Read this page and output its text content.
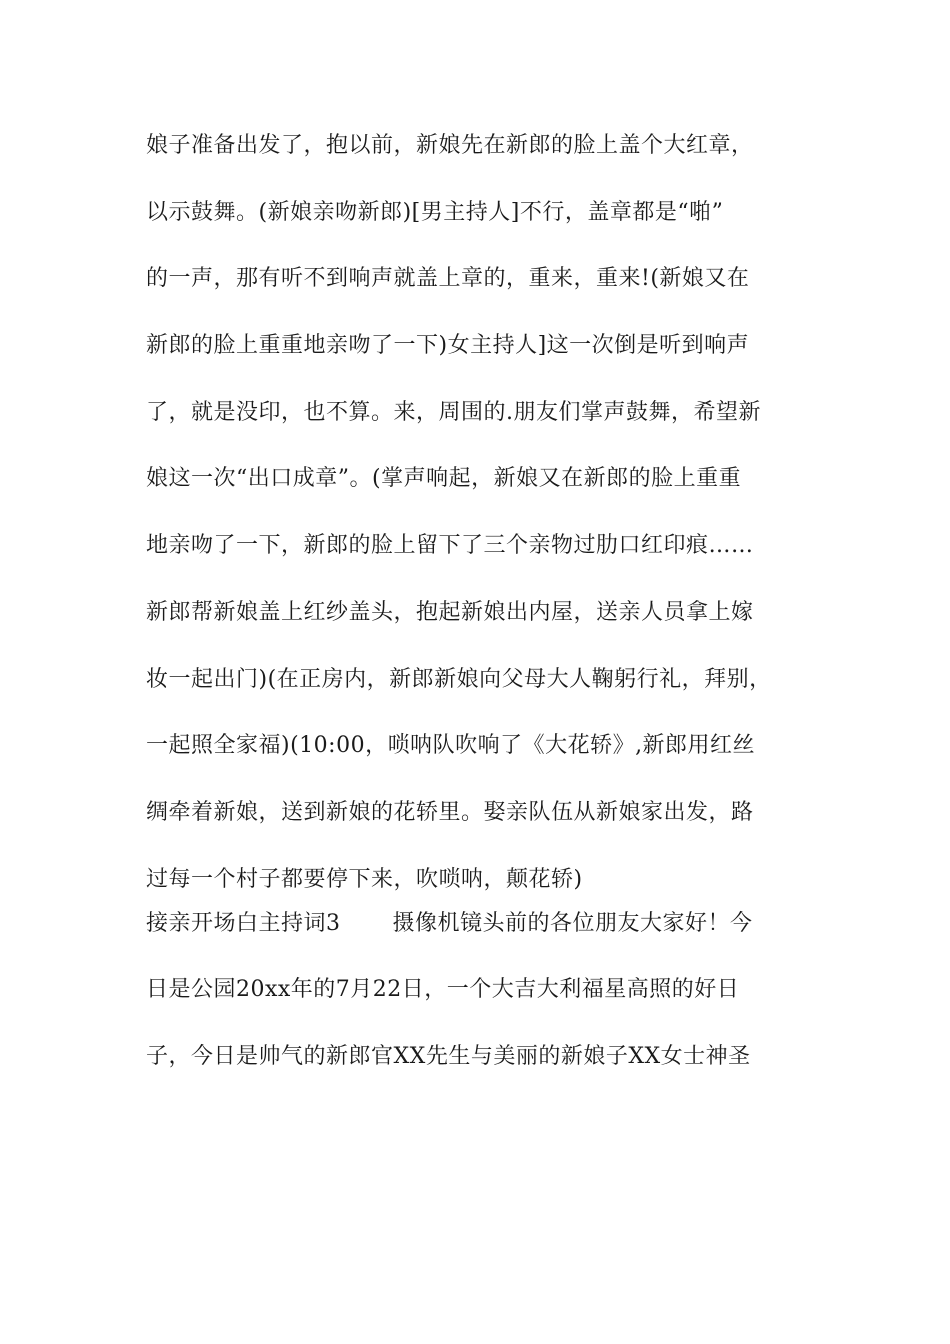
娘子准备出发了，抱以前，新娘先在新郎的脸上盖个大红章，
以示鼓舞。(新娘亲吻新郎)[男主持人]不行，盖章都是“啪”
的一声，那有听不到响声就盖上章的，重来，重来!(新娘又在
新郎的脸上重重地亲吻了一下)女主持人]这一次倒是听到响声
了，就是没印，也不算。来，周围的.朋友们掌声鼓舞，希望新
娘这一次“出口成章”。(掌声响起，新娘又在新郎的脸上重重
地亲吻了一下，新郎的脸上留下了三个亲物过肋口红印痕……
新郎帮新娘盖上红纱盖头，抱起新娘出内屋，送亲人员拿上嫁
妆一起出门)(在正房内，新郎新娘向父母大人鞠躬行礼，拜别，
一起照全家福)(10:00，唢呐队吹响了《大花轿》,新郎用红丝
绸牵着新娘，送到新娘的花轿里。娶亲队伍从新娘家出发，路
过每一个村子都要停下来，吹唢呐，颠花轿)
接亲开场白主持词3 摄像机镜头前的各位朋友大家好！今
日是公园20xx年的7月22日，一个大吉大利福星高照的好日
子，今日是帅气的新郎官XX先生与美丽的新娘子XX女士神圣
